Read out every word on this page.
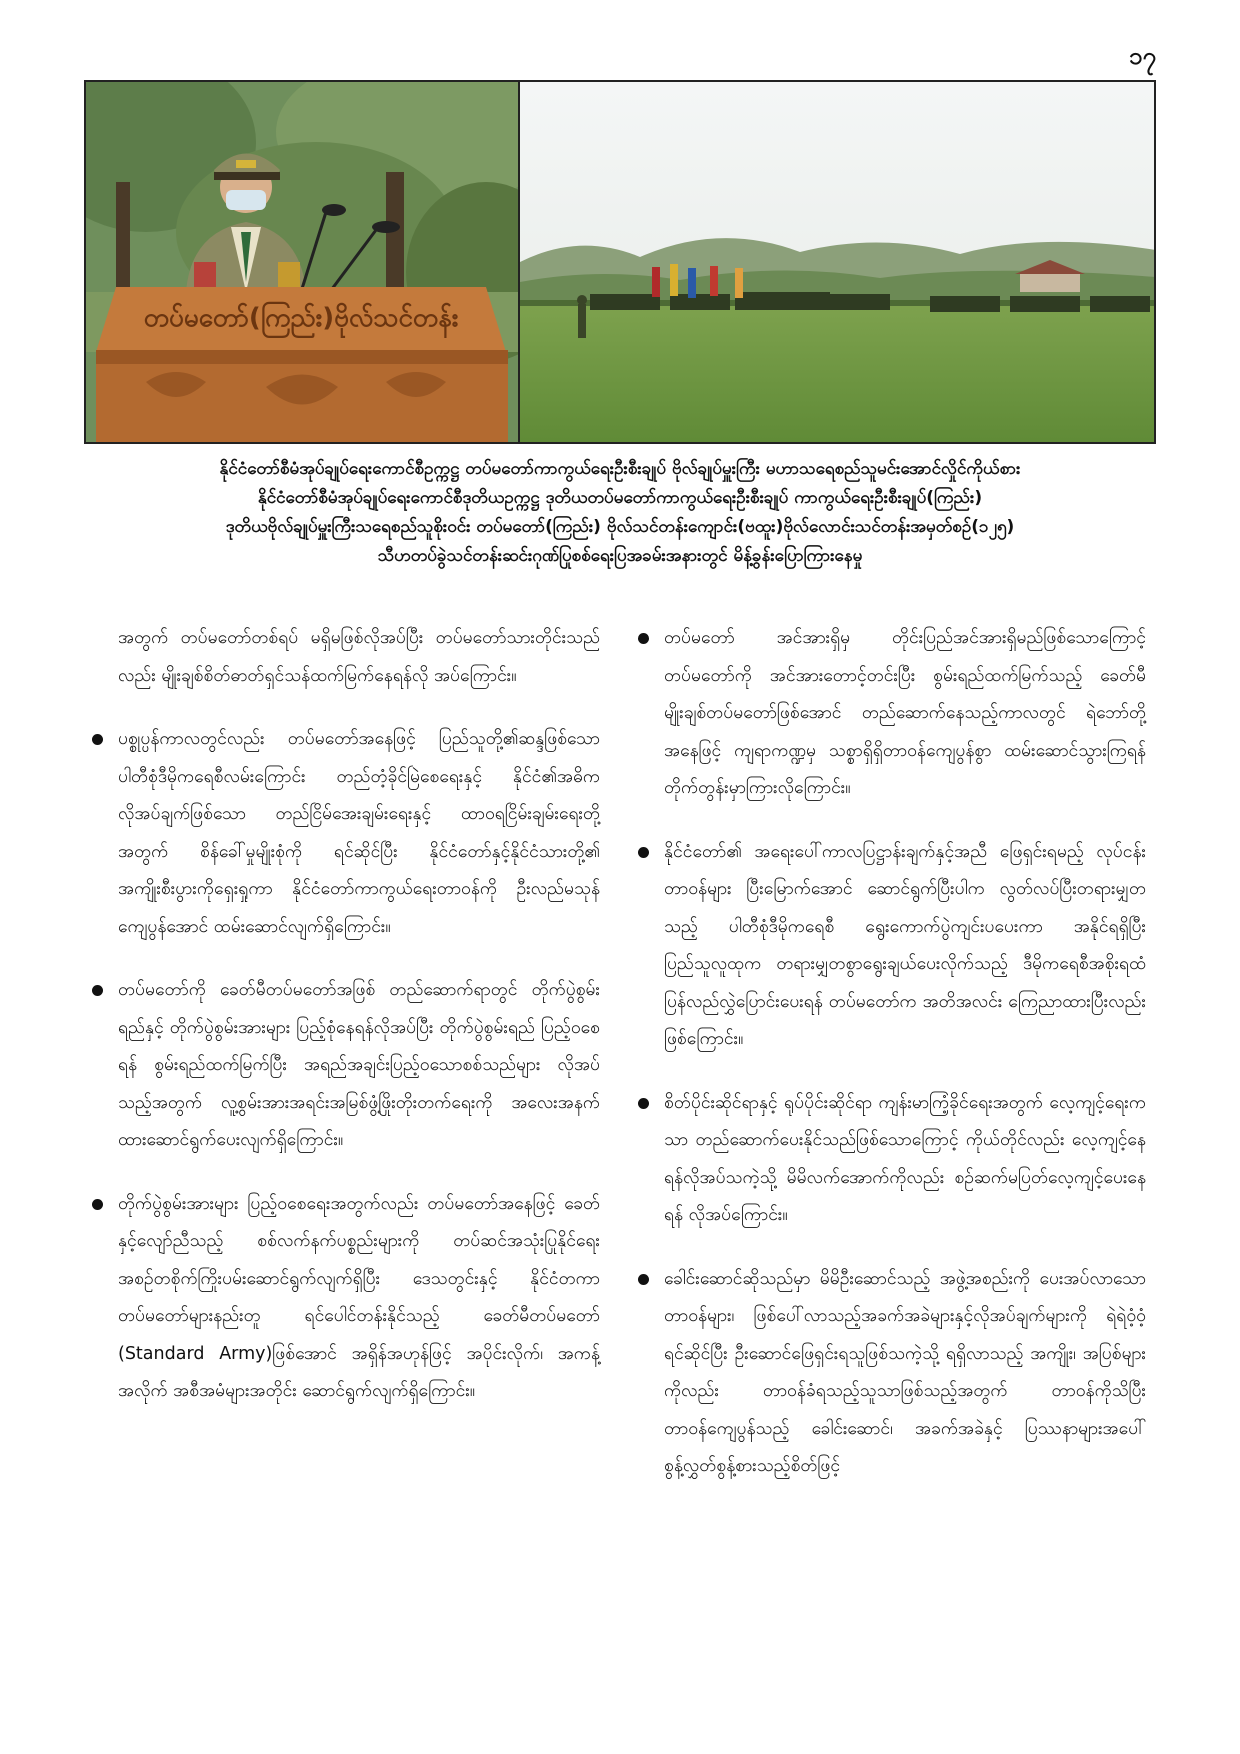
၁၇
တပ်မတော်(ကြည်း)ဗိုလ်သင်တန်း
နိုင်ငံတော်စီမံအုပ်ချုပ်ရေးကောင်စီဥက္ကဋ္ဌ တပ်မတော်ကာကွယ်ရေးဦးစီးချုပ် ဗိုလ်ချုပ်မှူးကြီး မဟာသရေစည်သူမင်းအောင်လှိုင်ကိုယ်စား
နိုင်ငံတော်စီမံအုပ်ချုပ်ရေးကောင်စီဒုတိယဥက္ကဋ္ဌ ဒုတိယတပ်မတော်ကာကွယ်ရေးဦးစီးချုပ် ကာကွယ်ရေးဦးစီးချုပ်(ကြည်း)
ဒုတိယဗိုလ်ချုပ်မှူးကြီးသရေစည်သူစိုးဝင်း တပ်မတော်(ကြည်း) ဗိုလ်သင်တန်းကျောင်း(ဗထူး)ဗိုလ်လောင်းသင်တန်းအမှတ်စဉ်(၁၂၅)
သီဟတပ်ခွဲသင်တန်းဆင်းဂုဏ်ပြုစစ်ရေးပြအခမ်းအနားတွင် မိန့်ခွန်းပြောကြားနေမှု

အတွက် တပ်မတော်တစ်ရပ် မရှိမဖြစ်လိုအပ်ပြီး တပ်မတော်သားတိုင်းသည်လည်း မျိုးချစ်စိတ်ဓာတ်ရှင်သန်ထက်မြက်နေရန်လို အပ်ကြောင်း။

ပစ္စုပ္ပန်ကာလတွင်လည်း တပ်မတော်အနေဖြင့် ပြည်သူတို့၏ဆန္ဒဖြစ်သော ပါတီစုံဒီမိုကရေစီလမ်းကြောင်း တည်တံ့ခိုင်မြဲစေရေးနှင့် နိုင်ငံ၏အဓိကလိုအပ်ချက်ဖြစ်သော တည်ငြိမ်အေးချမ်းရေးနှင့် ထာဝရငြိမ်းချမ်းရေးတို့အတွက် စိန်ခေါ်မှုမျိုးစုံကို ရင်ဆိုင်ပြီး နိုင်ငံတော်နှင့်နိုင်ငံသားတို့၏ အကျိုးစီးပွားကိုရှေးရှုကာ နိုင်ငံတော်ကာကွယ်ရေးတာဝန်ကို ဦးလည်မသုန်ကျေပွန်အောင် ထမ်းဆောင်လျက်ရှိကြောင်း။
တပ်မတော်ကို ခေတ်မီတပ်မတော်အဖြစ် တည်ဆောက်ရာတွင် တိုက်ပွဲစွမ်းရည်နှင့် တိုက်ပွဲစွမ်းအားများ ပြည့်စုံနေရန်လိုအပ်ပြီး တိုက်ပွဲစွမ်းရည် ပြည့်ဝစေရန် စွမ်းရည်ထက်မြက်ပြီး အရည်အချင်းပြည့်ဝသောစစ်သည်များ လိုအပ်သည့်အတွက် လူ့စွမ်းအားအရင်းအမြစ်ဖွံ့ဖြိုးတိုးတက်ရေးကို အလေးအနက်ထားဆောင်ရွက်ပေးလျက်ရှိကြောင်း။
တိုက်ပွဲစွမ်းအားများ ပြည့်ဝစေရေးအတွက်လည်း တပ်မတော်အနေဖြင့် ခေတ်နှင့်လျော်ညီသည့် စစ်လက်နက်ပစ္စည်းများကို တပ်ဆင်အသုံးပြုနိုင်ရေး အစဉ်တစိုက်ကြိုးပမ်းဆောင်ရွက်လျက်ရှိပြီး ဒေသတွင်းနှင့် နိုင်ငံတကာ တပ်မတော်များနည်းတူ ရင်ပေါင်တန်းနိုင်သည့် ခေတ်မီတပ်မတော် (Standard Army)ဖြစ်အောင် အရှိန်အဟုန်ဖြင့် အပိုင်းလိုက်၊ အကန့်အလိုက် အစီအမံများအတိုင်း ဆောင်ရွက်လျက်ရှိကြောင်း။
တပ်မတော် အင်အားရှိမှ တိုင်းပြည်အင်အားရှိမည်ဖြစ်သောကြောင့် တပ်မတော်ကို အင်အားတောင့်တင်းပြီး စွမ်းရည်ထက်မြက်သည့် ခေတ်မီမျိုးချစ်တပ်မတော်ဖြစ်အောင် တည်ဆောက်နေသည့်ကာလတွင် ရဲဘော်တို့အနေဖြင့် ကျရာကဏ္ဍမှ သစ္စာရှိရှိတာဝန်ကျေပွန်စွာ ထမ်းဆောင်သွားကြရန် တိုက်တွန်းမှာကြားလိုကြောင်း။
နိုင်ငံတော်၏ အရေးပေါ်ကာလပြဋ္ဌာန်းချက်နှင့်အညီ ဖြေရှင်းရမည့် လုပ်ငန်းတာဝန်များ ပြီးမြောက်အောင် ဆောင်ရွက်ပြီးပါက လွတ်လပ်ပြီးတရားမျှတသည့် ပါတီစုံဒီမိုကရေစီ ရွေးကောက်ပွဲကျင်းပပေးကာ အနိုင်ရရှိပြီး ပြည်သူလူထုက တရားမျှတစွာရွေးချယ်ပေးလိုက်သည့် ဒီမိုကရေစီအစိုးရထံ ပြန်လည်လွှဲပြောင်းပေးရန် တပ်မတော်က အတိအလင်း ကြေညာထားပြီးလည်း ဖြစ်ကြောင်း။
စိတ်ပိုင်းဆိုင်ရာနှင့် ရုပ်ပိုင်းဆိုင်ရာ ကျန်းမာကြံ့ခိုင်ရေးအတွက် လေ့ကျင့်ရေးကသာ တည်ဆောက်ပေးနိုင်သည်ဖြစ်သောကြောင့် ကိုယ်တိုင်လည်း လေ့ကျင့်နေရန်လိုအပ်သကဲ့သို့ မိမိလက်အောက်ကိုလည်း စဉ်ဆက်မပြတ်လေ့ကျင့်ပေးနေရန် လိုအပ်ကြောင်း။
ခေါင်းဆောင်ဆိုသည်မှာ မိမိဦးဆောင်သည့် အဖွဲ့အစည်းကို ပေးအပ်လာသောတာဝန်များ၊ ဖြစ်ပေါ်လာသည့်အခက်အခဲများနှင့်လိုအပ်ချက်များကို ရဲရဲဝံ့ဝံ့ရင်ဆိုင်ပြီး ဦးဆောင်ဖြေရှင်းရသူဖြစ်သကဲ့သို့ ရရှိလာသည့် အကျိုး၊ အပြစ်များကိုလည်း တာဝန်ခံရသည့်သူသာဖြစ်သည့်အတွက် တာဝန်ကိုသိပြီး တာဝန်ကျေပွန်သည့် ခေါင်းဆောင်၊ အခက်အခဲနှင့် ပြဿနာများအပေါ် စွန့်လွှတ်စွန့်စားသည့်စိတ်ဖြင့်
